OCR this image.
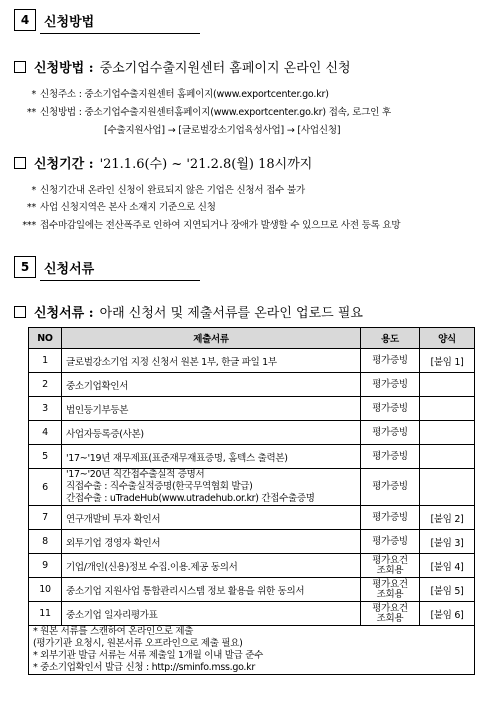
4	신청방법
신청방법 : 중소기업수출지원센터 홈페이지 온라인 신청
* 신청주소 : 중소기업수출지원센터 홈페이지(www.exportcenter.go.kr)
** 신청방법 : 중소기업수출지원센터홈페이지(www.exportcenter.go.kr) 접속, 로그인 후
[수출지원사업] → [글로벌강소기업육성사업] → [사업신청]
신청기간 : '21.1.6(수) ~ '21.2.8(월) 18시까지
* 신청기간내 온라인 신청이 완료되지 않은 기업은 신청서 접수 불가
** 사업 신청지역은 본사 소재지 기준으로 신청
*** 접수마감일에는 전산폭주로 인하여 지연되거나 장애가 발생할 수 있으므로 사전 등록 요망
5	신청서류
신청서류 : 아래 신청서 및 제출서류를 온라인 업로드 필요
NO	제출서류	용도	양식
1	글로벌강소기업 지정 신청서 원본 1부, 한글 파일 1부	평가증빙	[붙임 1]
2	중소기업확인서	평가증빙	
3	법인등기부등본	평가증빙	
4	사업자등록증(사본)	평가증빙	
5	'17~'19년 재무제표(표준재무재표증명, 홈텍스 출력본)	평가증빙	
6	'17~'20년 직간접수출실적 증명서
직접수출 : 직수출실적증명(한국무역협회 발급)
간접수출 : uTradeHub(www.utradehub.or.kr) 간접수출증명	평가증빙	
7	연구개발비 투자 확인서	평가증빙	[붙임 2]
8	외투기업 경영자 확인서	평가증빙	[붙임 3]
9	기업/개인(신용)정보 수집.이용.제공 동의서	평가요건
조회용	[붙임 4]
10	중소기업 지원사업 통합관리시스템 정보 활용을 위한 동의서	평가요건
조회용	[붙임 5]
11	중소기업 일자리평가표	평가요건
조회용	[붙임 6]

* 원본 서류를 스캔하여 온라인으로 제출
(평가기관 요청시, 원본서류 오프라인으로 제출 필요)
* 외부기관 발급 서류는 서류 제출일 1개월 이내 발급 준수
* 중소기업확인서 발급 신청 : http://sminfo.mss.go.kr			
